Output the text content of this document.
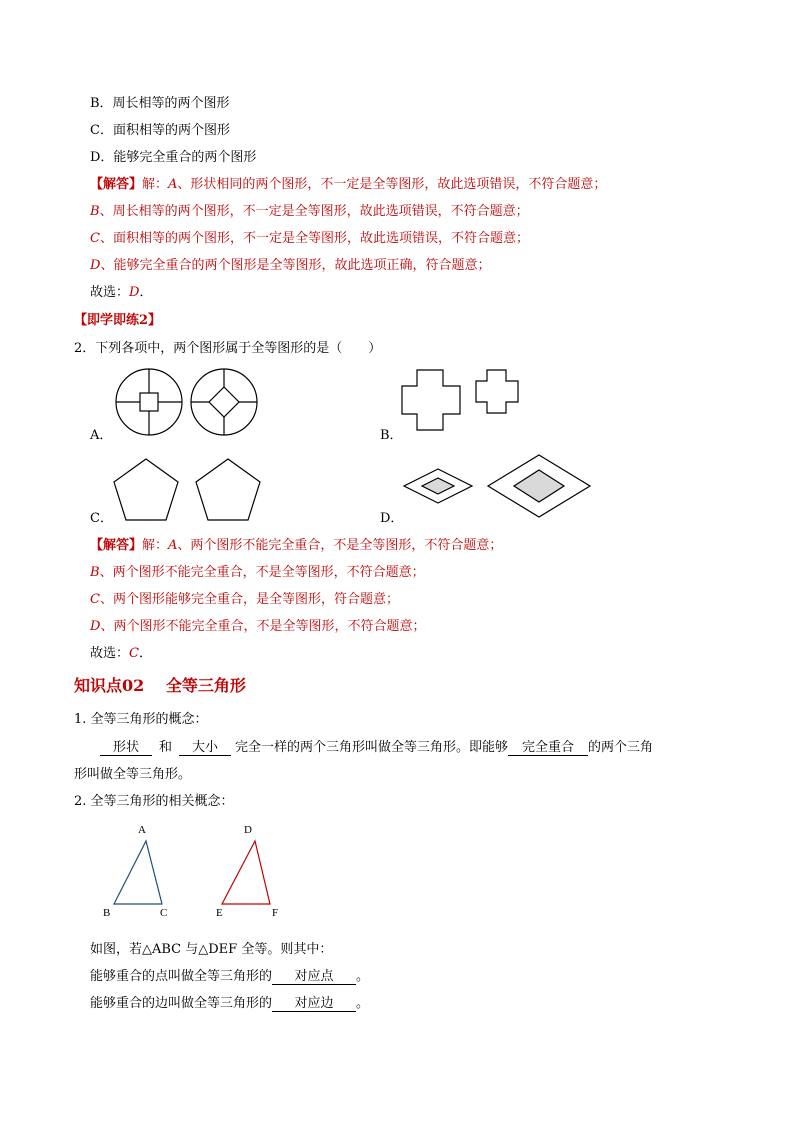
B．周长相等的两个图形
C．面积相等的两个图形
D．能够完全重合的两个图形
【解答】解：A、形状相同的两个图形，不一定是全等图形，故此选项错误，不符合题意；
B、周长相等的两个图形，不一定是全等图形，故此选项错误，不符合题意；
C、面积相等的两个图形，不一定是全等图形，故此选项错误，不符合题意；
D、能够完全重合的两个图形是全等图形，故此选项正确，符合题意；
故选：D．
【即学即练2】
2．下列各项中，两个图形属于全等图形的是（　　）
A．	B．
C．	D．
【解答】解：A、两个图形不能完全重合，不是全等图形，不符合题意；
B、两个图形不能完全重合，不是全等图形，不符合题意；
C、两个图形能够完全重合，是全等图形，符合题意；
D、两个图形不能完全重合，不是全等图形，不符合题意；
故选：C．
知识点02　 全等三角形
1. 全等三角形的概念：
形状 和 大小 完全一样的两个三角形叫做全等三角形。即能够 完全重合 的两个三角
形叫做全等三角形。
2. 全等三角形的相关概念：
A
B	C
D
E	F
如图，若△ABC 与△DEF 全等。则其中：
能够重合的点叫做全等三角形的 对应点 。
能够重合的边叫做全等三角形的 对应边 。
